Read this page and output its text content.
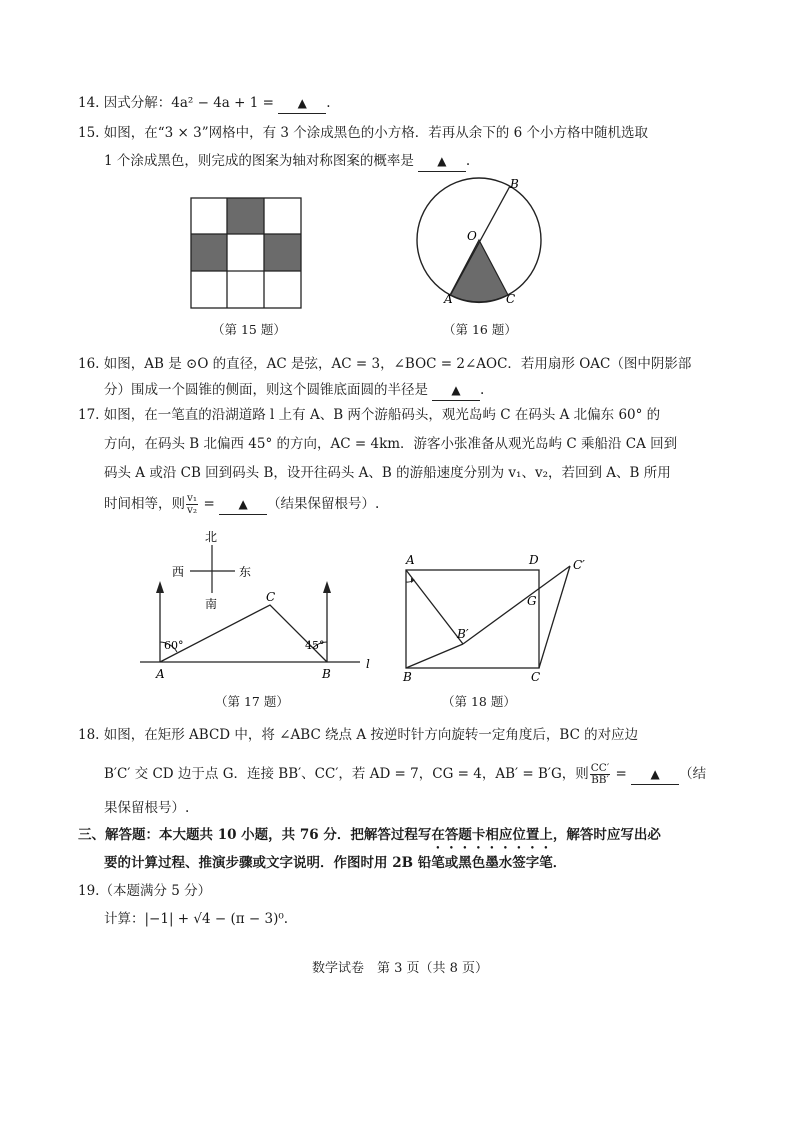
14. 因式分解：4a² − 4a + 1 = ▲ .
15. 如图，在“3 × 3”网格中，有 3 个涂成黑色的小方格．若再从余下的 6 个小方格中随机选取
1 个涂成黑色，则完成的图案为轴对称图案的概率是 ▲ .
（第 15 题）
B
O
A	C
（第 16 题）
16. 如图，AB 是 ⊙O 的直径，AC 是弦，AC = 3，∠BOC = 2∠AOC．若用扇形 OAC（图中阴影部
分）围成一个圆锥的侧面，则这个圆锥底面圆的半径是 ▲ .
17. 如图，在一笔直的沿湖道路 l 上有 A、B 两个游船码头，观光岛屿 C 在码头 A 北偏东 60° 的
方向，在码头 B 北偏西 45° 的方向，AC = 4km．游客小张准备从观光岛屿 C 乘船沿 CA 回到
码头 A 或沿 CB 回到码头 B，设开往码头 A、B 的游船速度分别为 v₁、v₂，若回到 A、B 所用
时间相等，则 $\frac{\text{v₁}}{\text{v₂}}$ = ▲ （结果保留根号）.
北
西	东
南
60°	45°
C
A	B
l
（第 17 题）
A	D	C′
G
B′
B	C
（第 18 题）
18. 如图，在矩形 ABCD 中，将 ∠ABC 绕点 A 按逆时针方向旋转一定角度后，BC 的对应边
B′C′ 交 CD 边于点 G．连接 BB′、CC′，若 AD = 7，CG = 4，AB′ = B′G，则 $\frac{CC'}{BB'}$ = ▲ （结
果保留根号）.
三、解答题：本大题共 10 小题，共 76 分．把解答过程写在答题卡相应位置上，解答时应写出必
要的计算过程、推演步骤或文字说明．作图时用 2B 铅笔或黑色墨水签字笔．
19.（本题满分 5 分）
计算：|−1| + √4 − (π − 3)⁰.
数学试卷　第 3 页（共 8 页）
